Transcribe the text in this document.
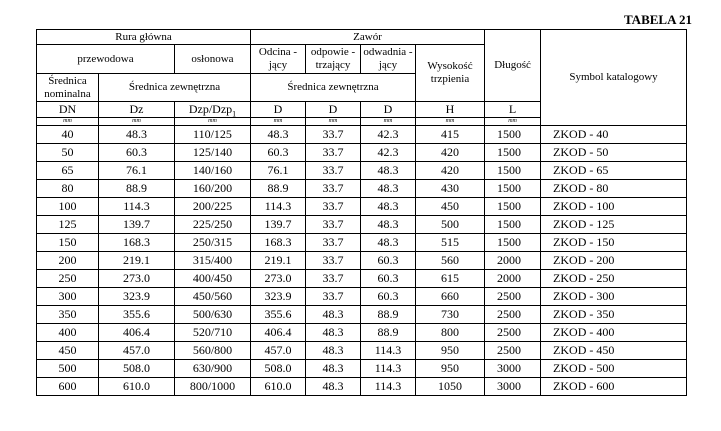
TABELA 21
Rura główna			Zawór				Długość	Symbol katalogowy
przewodowa		osłonowa	Odcina -jący	odpowie -trzający	odwadnia -jący	Wysokość trzpienia		
Średnica nominalna	Średnica zewnętrzna		Średnica zewnętrzna					
DN	Dz	Dzp/Dzp$_1$	D	D	D	H	L	
mm	mm	mm	mm	mm	mm	mm	mm	
40	48.3	110/125	48.3	33.7	42.3	415	1500	ZKOD - 40
50	60.3	125/140	60.3	33.7	42.3	420	1500	ZKOD - 50
65	76.1	140/160	76.1	33.7	48.3	420	1500	ZKOD - 65
80	88.9	160/200	88.9	33.7	48.3	430	1500	ZKOD - 80
100	114.3	200/225	114.3	33.7	48.3	450	1500	ZKOD - 100
125	139.7	225/250	139.7	33.7	48.3	500	1500	ZKOD - 125
150	168.3	250/315	168.3	33.7	48.3	515	1500	ZKOD - 150
200	219.1	315/400	219.1	33.7	60.3	560	2000	ZKOD - 200
250	273.0	400/450	273.0	33.7	60.3	615	2000	ZKOD - 250
300	323.9	450/560	323.9	33.7	60.3	660	2500	ZKOD - 300
350	355.6	500/630	355.6	48.3	88.9	730	2500	ZKOD - 350
400	406.4	520/710	406.4	48.3	88.9	800	2500	ZKOD - 400
450	457.0	560/800	457.0	48.3	114.3	950	2500	ZKOD - 450
500	508.0	630/900	508.0	48.3	114.3	950	3000	ZKOD - 500
600	610.0	800/1000	610.0	48.3	114.3	1050	3000	ZKOD - 600
